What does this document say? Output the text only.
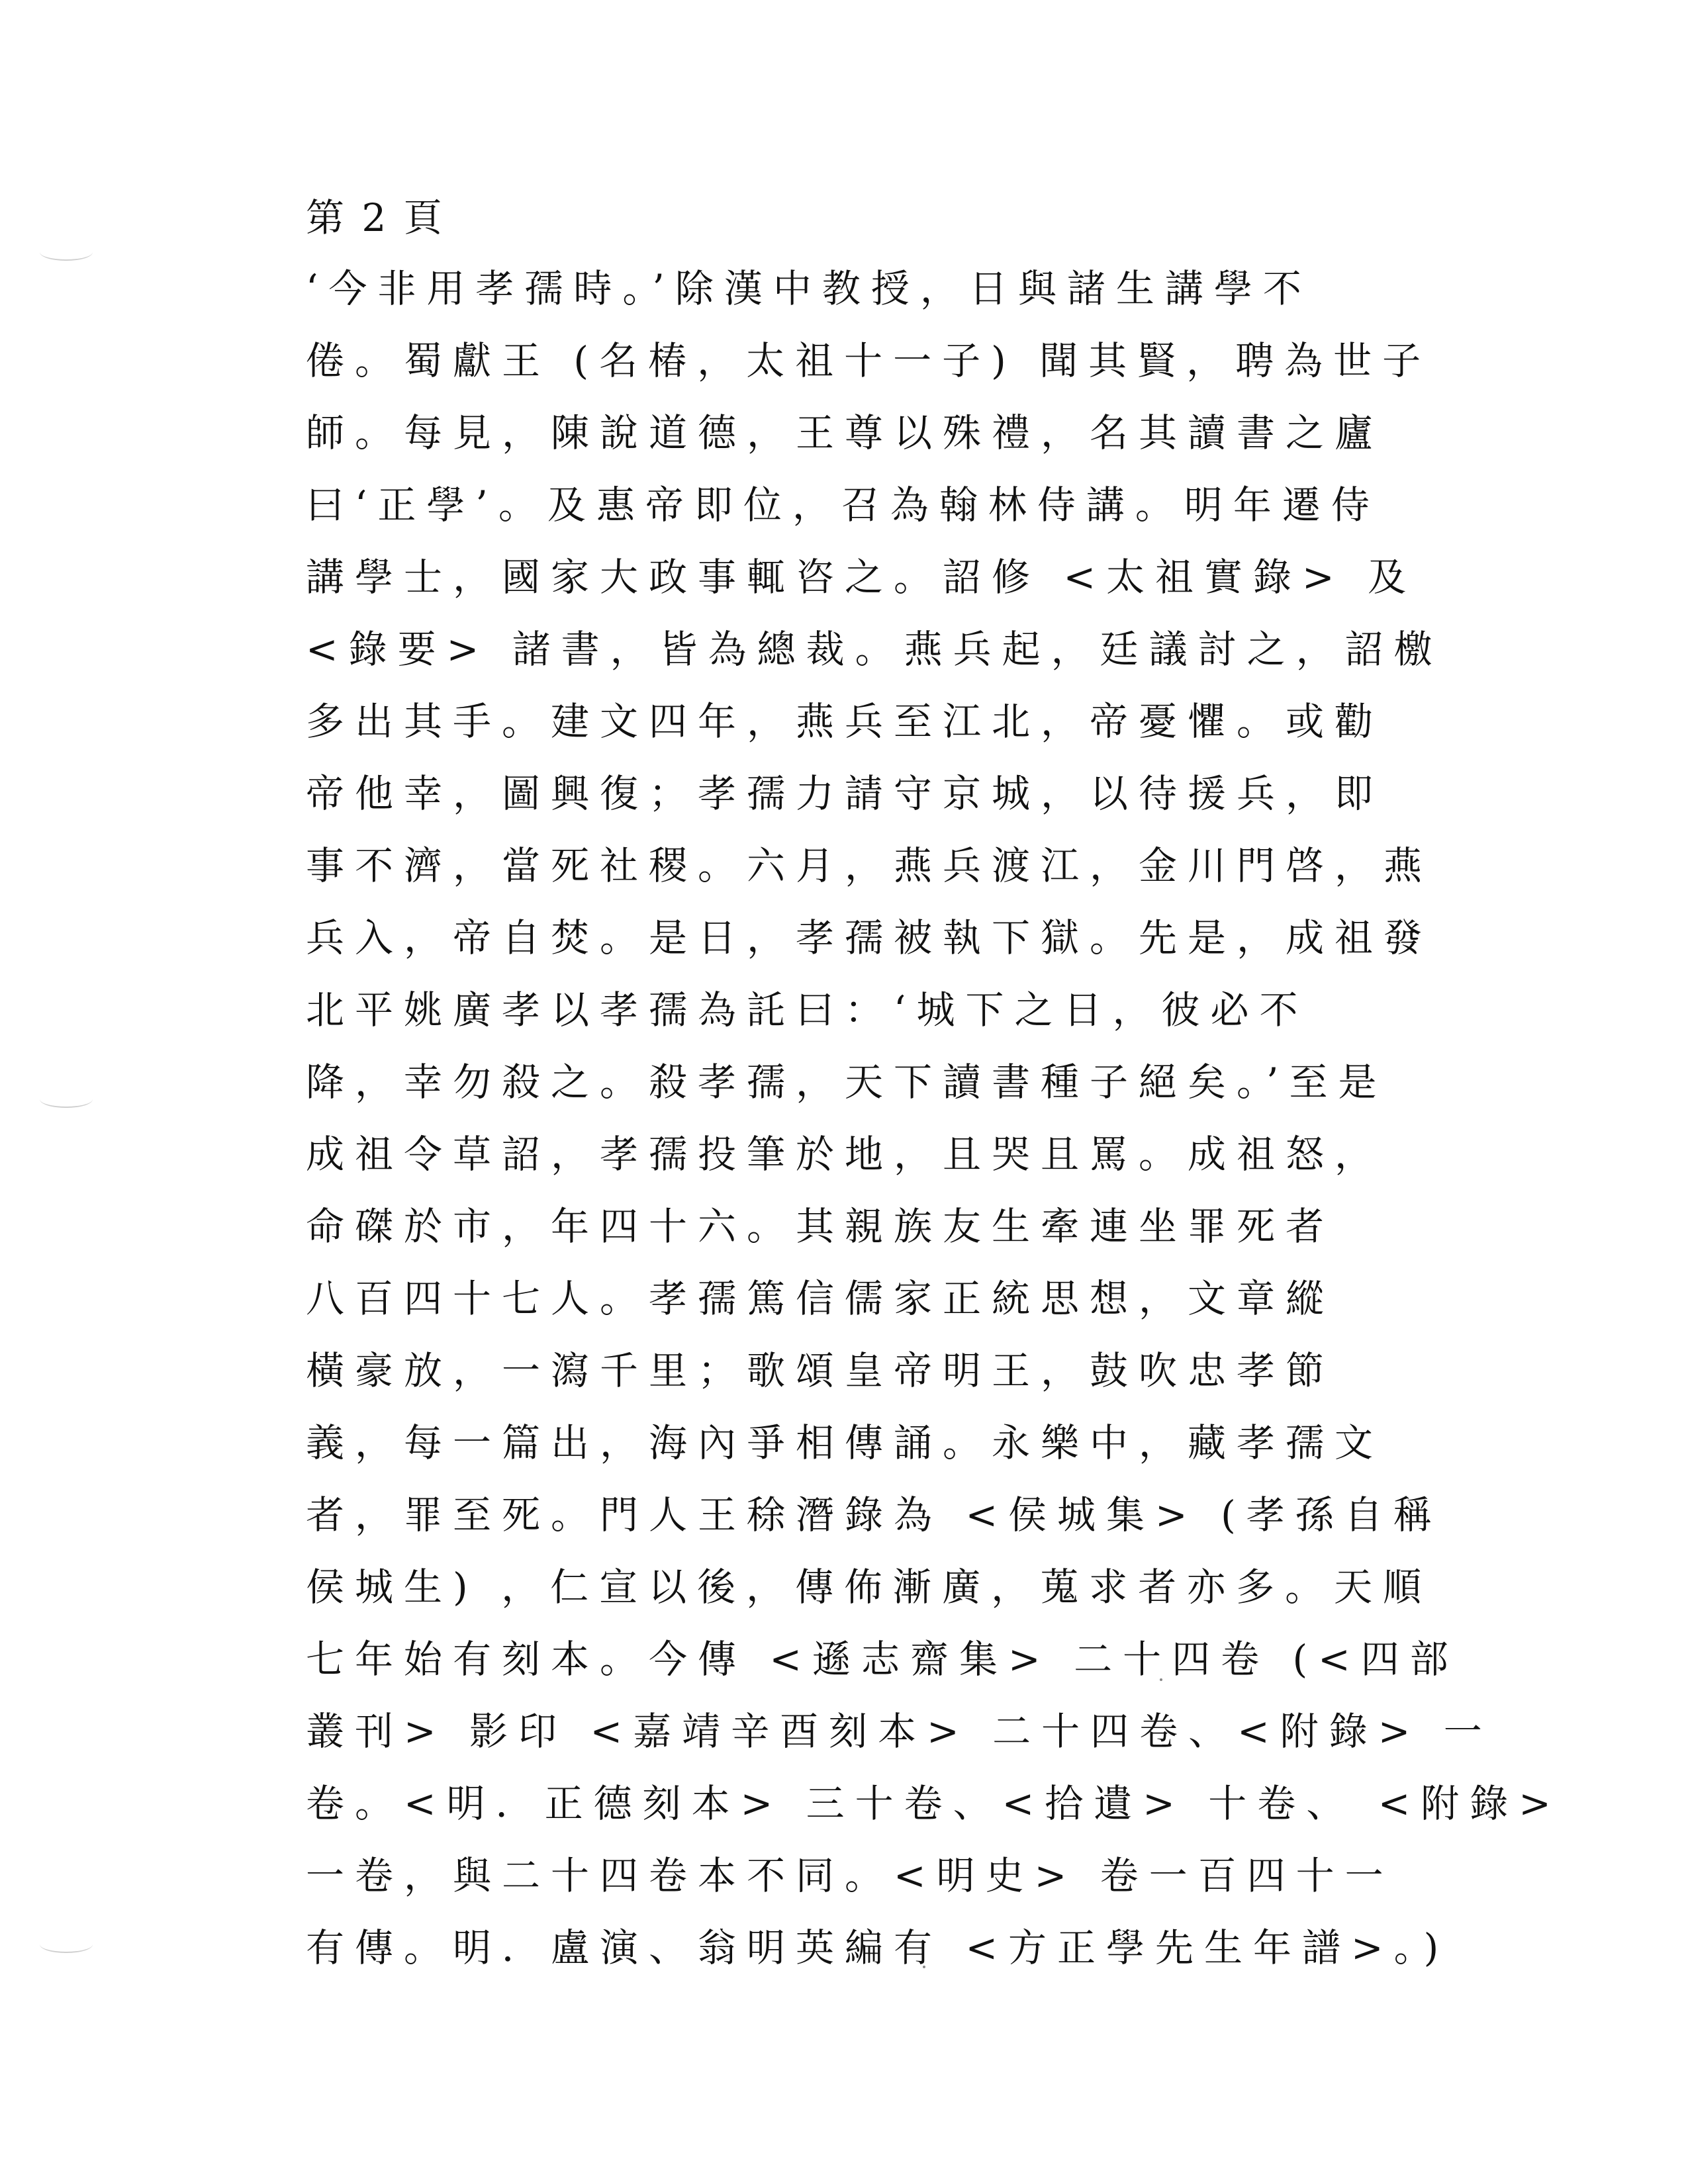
第 2 頁
‘今非用孝孺時。’除漢中教授，日與諸生講學不
倦。蜀獻王 (名椿，太祖十一子) 聞其賢，聘為世子
師。每見，陳說道德，王尊以殊禮，名其讀書之廬
曰‘正學’。及惠帝即位，召為翰林侍講。明年遷侍
講學士，國家大政事輒咨之。詔修 <太祖實錄> 及
<錄要> 諸書，皆為總裁。燕兵起，廷議討之，詔檄
多出其手。建文四年，燕兵至江北，帝憂懼。或勸
帝他幸，圖興復；孝孺力請守京城，以待援兵，即
事不濟，當死社稷。六月，燕兵渡江，金川門啓，燕
兵入，帝自焚。是日，孝孺被執下獄。先是，成祖發
北平姚廣孝以孝孺為託曰：‘城下之日，彼必不
降，幸勿殺之。殺孝孺，天下讀書種子絕矣。’至是
成祖令草詔，孝孺投筆於地，且哭且罵。成祖怒，
命磔於市，年四十六。其親族友生牽連坐罪死者
八百四十七人。孝孺篤信儒家正統思想，文章縱
橫豪放，一瀉千里；歌頌皇帝明王，鼓吹忠孝節
義，每一篇出，海內爭相傳誦。永樂中，藏孝孺文
者，罪至死。門人王稌潛錄為 <侯城集> (孝孫自稱
侯城生) ，仁宣以後，傳佈漸廣，蒐求者亦多。天順
七年始有刻本。今傳 <遜志齋集> 二十四卷 (<四部
叢刊> 影印 <嘉靖辛酉刻本> 二十四卷、<附錄> 一
卷。<明．正德刻本> 三十卷、<拾遺> 十卷、 <附錄>
一卷，與二十四卷本不同。<明史> 卷一百四十一
有傳。明．盧演、翁明英編有 <方正學先生年譜>。)
